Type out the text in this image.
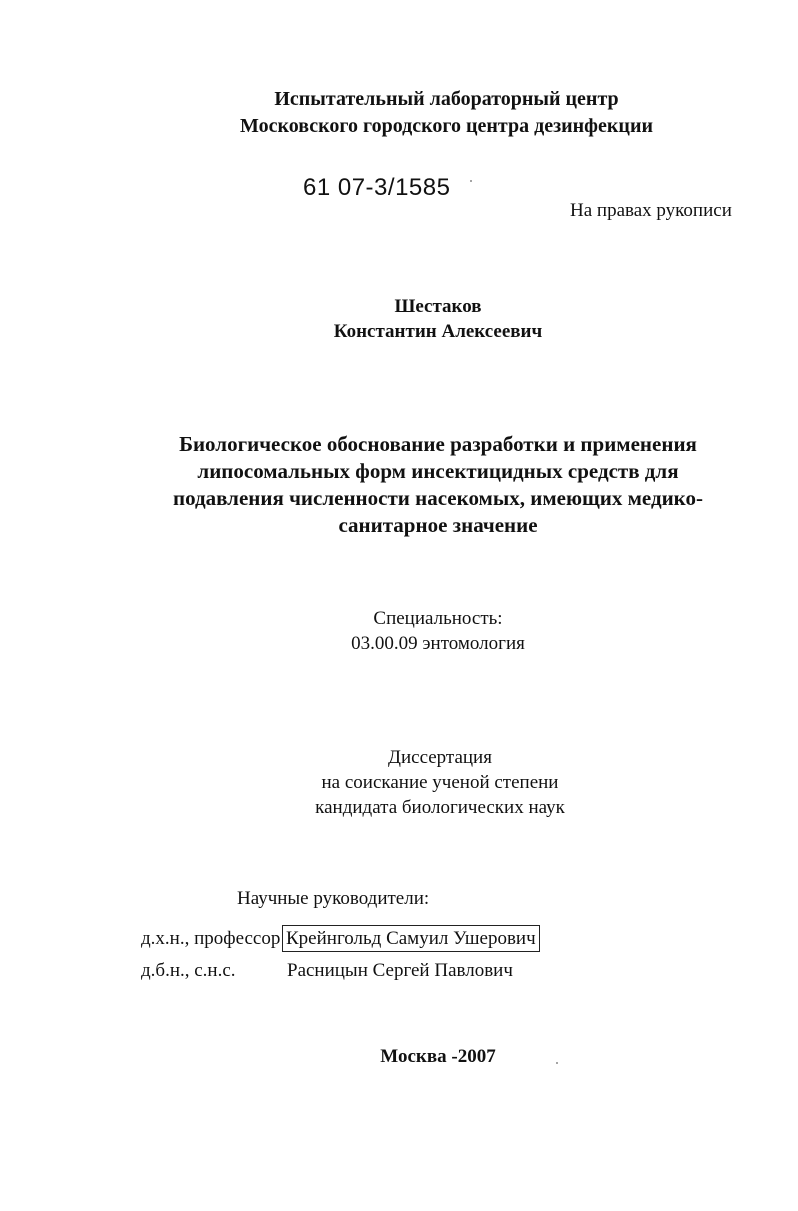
Испытательный лабораторный центр
Московского городского центра дезинфекции
61 07-3/1585
На правах рукописи
Шестаков
Константин Алексеевич
Биологическое обоснование разработки и применения
липосомальных форм инсектицидных средств для
подавления численности насекомых, имеющих медико-
санитарное значение
Специальность:
03.00.09 энтомология
Диссертация
на соискание ученой степени
кандидата биологических наук
Научные руководители:
д.х.н., профессор Крейнгольд Самуил Ушерович
д.б.н., с.н.с.	Расницын Сергей Павлович
Москва -2007
